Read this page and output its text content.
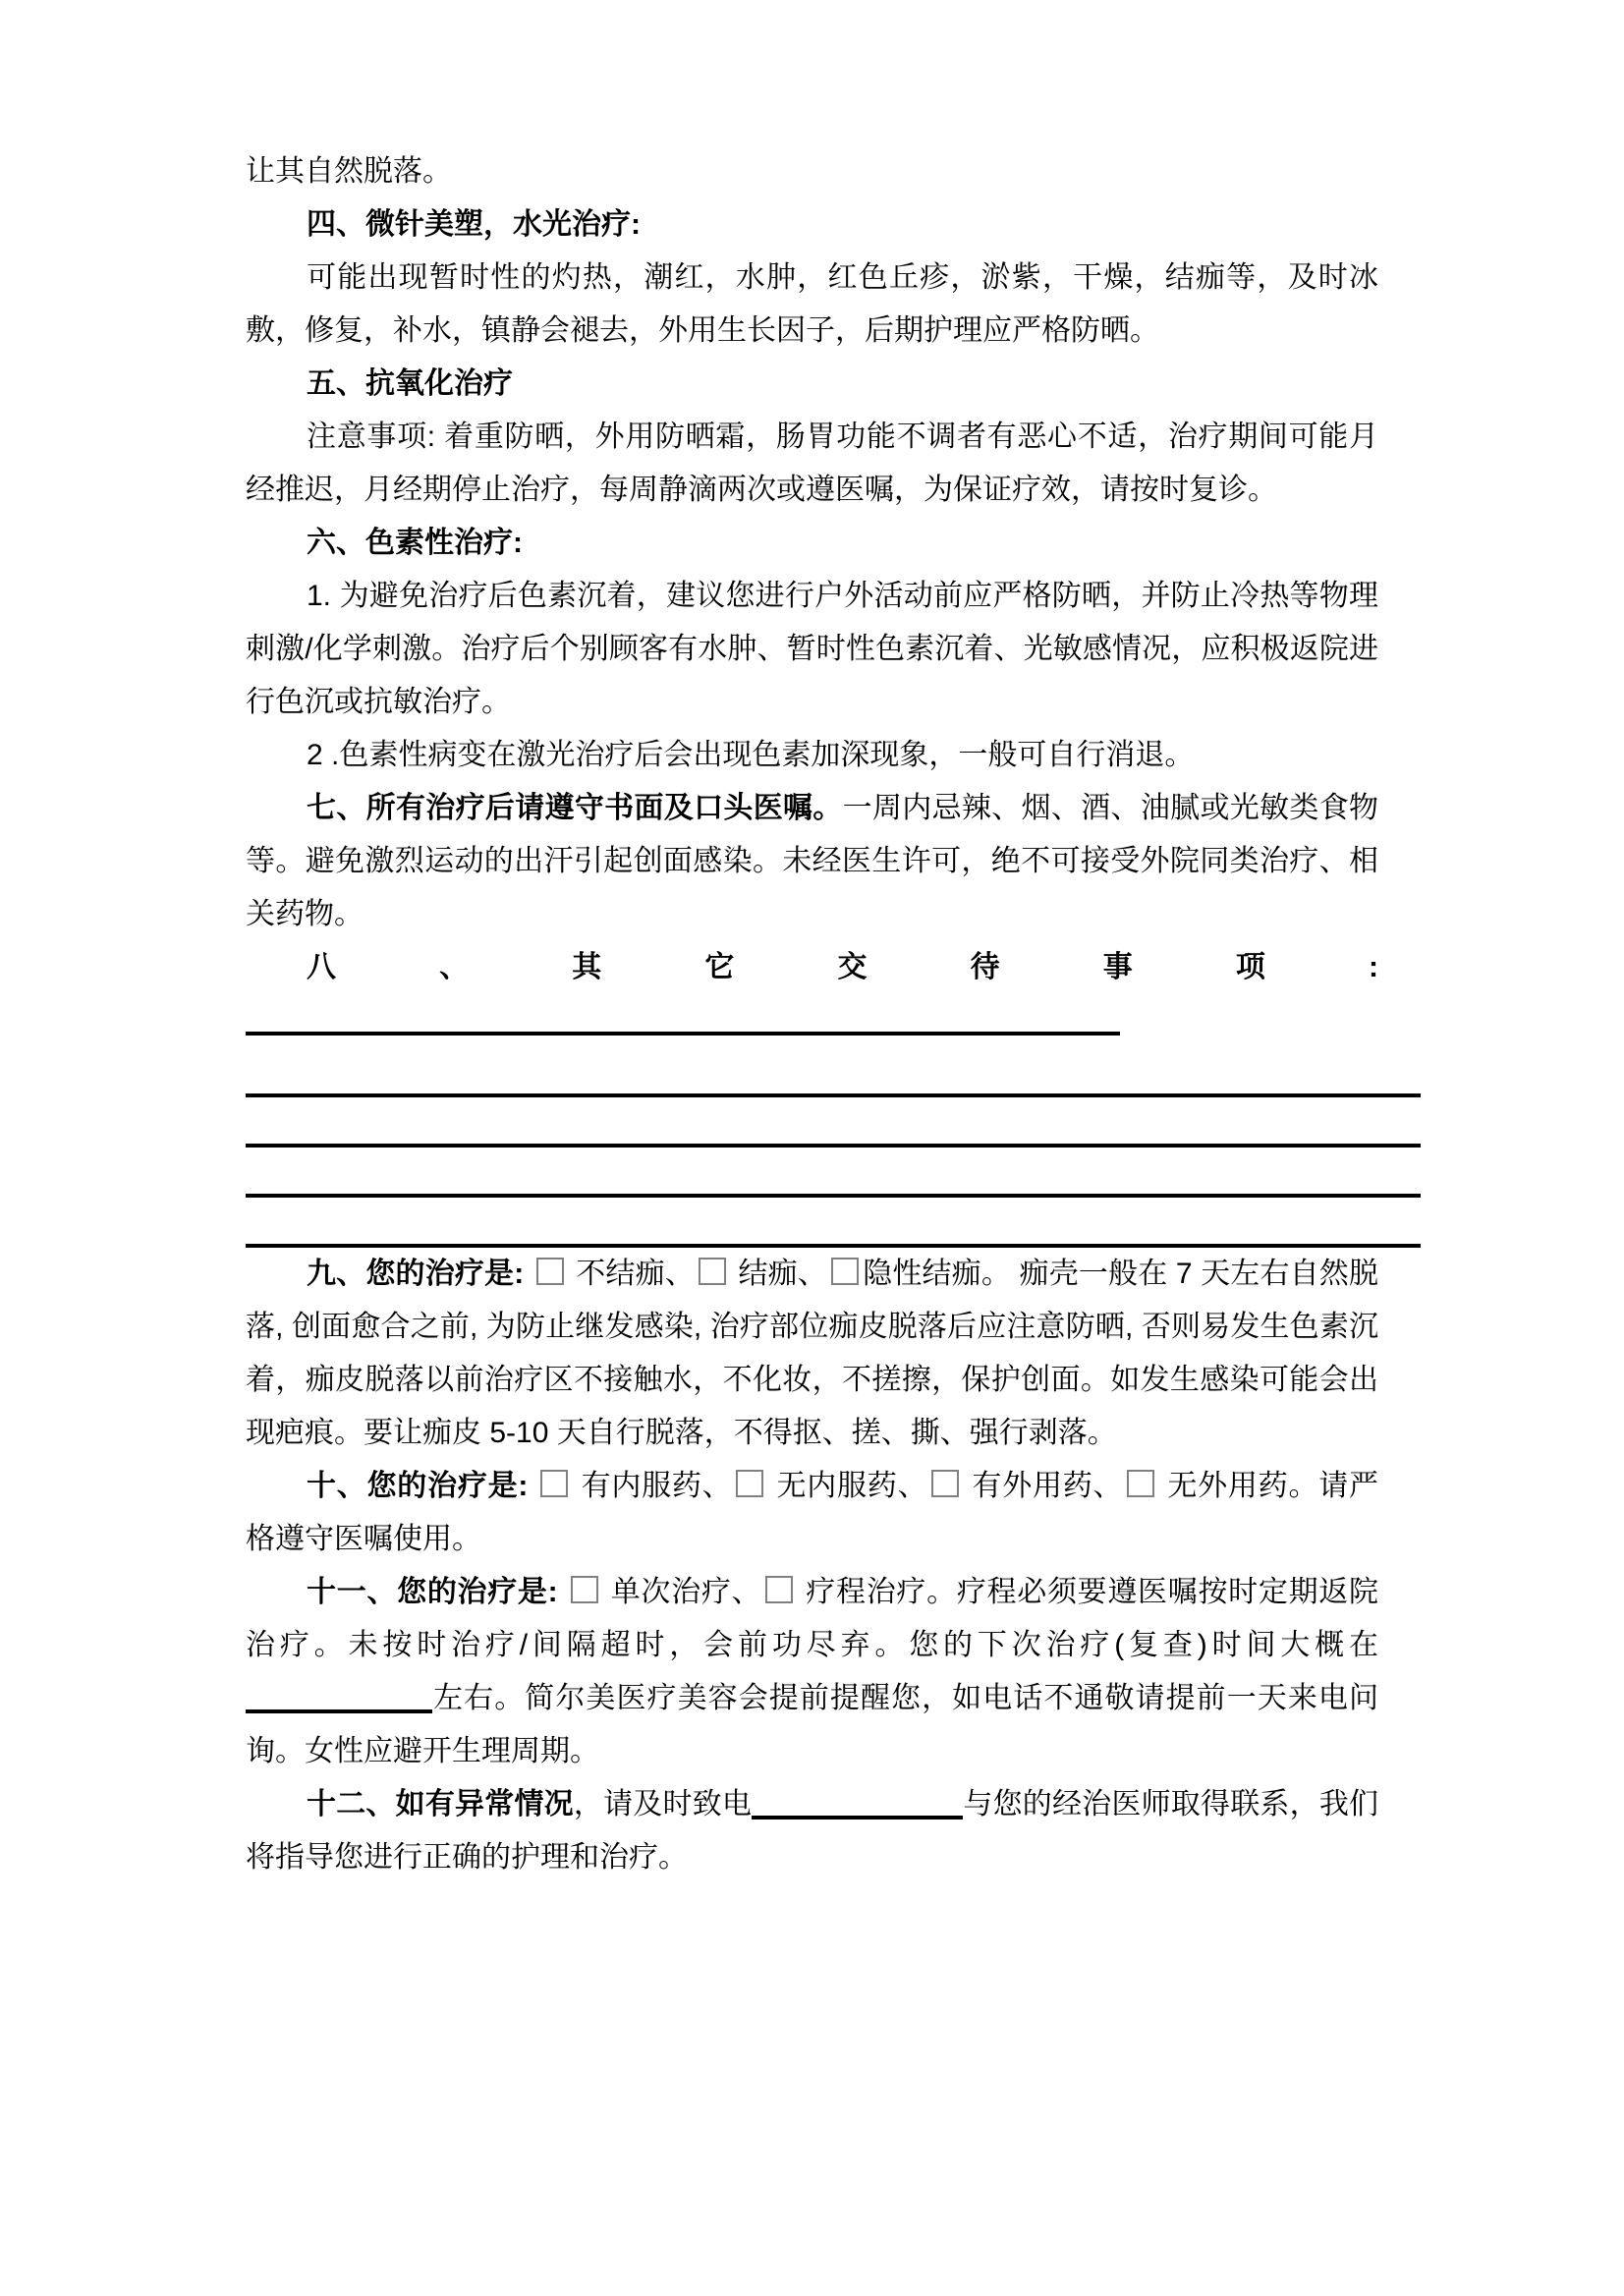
让其自然脱落。

四、微针美塑，水光治疗:

可能出现暂时性的灼热，潮红，水肿，红色丘疹，淤紫，干燥，结痂等，及时冰敷，修复，补水，镇静会褪去，外用生长因子，后期护理应严格防晒。

五、抗氧化治疗

注意事项: 着重防晒，外用防晒霜，肠胃功能不调者有恶心不适，治疗期间可能月经推迟，月经期停止治疗，每周静滴两次或遵医嘱，为保证疗效，请按时复诊。

六、色素性治疗:

1. 为避免治疗后色素沉着，建议您进行户外活动前应严格防晒，并防止冷热等物理刺激/化学刺激。治疗后个别顾客有水肿、暂时性色素沉着、光敏感情况，应积极返院进行色沉或抗敏治疗。

2 .色素性病变在激光治疗后会出现色素加深现象，一般可自行消退。

七、所有治疗后请遵守书面及口头医嘱。一周内忌辣、烟、酒、油腻或光敏类食物等。避免激烈运动的出汗引起创面感染。未经医生许可，绝不可接受外院同类治疗、相关药物。

八、其它交待事项:

九、您的治疗是:  不结痂、 结痂、 隐性结痂。 痂壳一般在 7 天左右自然脱落, 创面愈合之前, 为防止继发感染, 治疗部位痂皮脱落后应注意防晒, 否则易发生色素沉着，痂皮脱落以前治疗区不接触水，不化妆，不搓擦，保护创面。如发生感染可能会出现疤痕。要让痂皮 5-10 天自行脱落，不得抠、搓、撕、强行剥落。

十、您的治疗是:  有内服药、 无内服药、 有外用药、 无外用药。请严格遵守医嘱使用。

十一、您的治疗是:  单次治疗、 疗程治疗。疗程必须要遵医嘱按时定期返院治疗。未按时治疗/间隔超时，会前功尽弃。您的下次治疗(复查)时间大概在左右。简尔美医疗美容会提前提醒您，如电话不通敬请提前一天来电问询。女性应避开生理周期。

十二、如有异常情况，请及时致电	与您的经治医师取得联系，我们将指导您进行正确的护理和治疗。
